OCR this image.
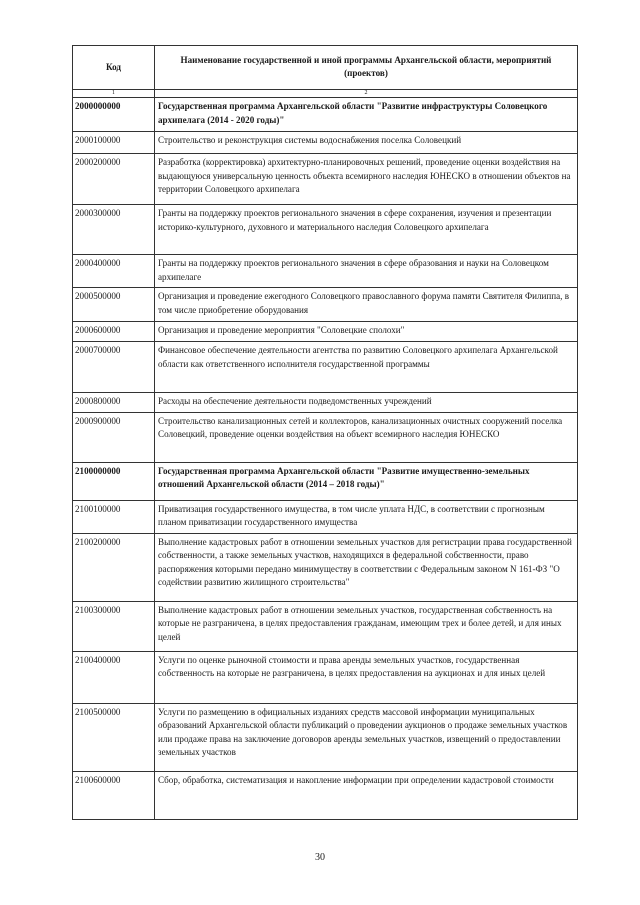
Код	Наименование государственной и иной программы Архангельской области, мероприятий (проектов)
1	2
2000000000	Государственная программа Архангельской области "Развитие инфраструктуры Соловецкого архипелага (2014 - 2020 годы)"
2000100000	Строительство и реконструкция системы водоснабжения поселка Соловецкий
2000200000	Разработка (корректировка) архитектурно-планировочных решений, проведение оценки воздействия на выдающуюся универсальную ценность объекта всемирного наследия ЮНЕСКО в отношении объектов на территории Соловецкого архипелага
2000300000	Гранты на поддержку проектов регионального значения в сфере сохранения, изучения и презентации историко-культурного, духовного и материального наследия Соловецкого архипелага
2000400000	Гранты на поддержку проектов регионального значения в сфере образования и науки на Соловецком архипелаге
2000500000	Организация и проведение ежегодного Соловецкого православного форума памяти Святителя Филиппа, в том числе приобретение оборудования
2000600000	Организация и проведение мероприятия "Соловецкие сполохи"
2000700000	Финансовое обеспечение деятельности агентства по развитию Соловецкого архипелага Архангельской области как ответственного исполнителя государственной программы
2000800000	Расходы на обеспечение деятельности подведомственных учреждений
2000900000	Строительство канализационных сетей и коллекторов, канализационных очистных сооружений поселка Соловецкий, проведение оценки воздействия на объект всемирного наследия ЮНЕСКО
2100000000	Государственная программа Архангельской области "Развитие имущественно-земельных отношений Архангельской области (2014 – 2018 годы)"
2100100000	Приватизация государственного имущества, в том числе уплата НДС, в соответствии с прогнозным планом приватизации государственного имущества
2100200000	Выполнение кадастровых работ в отношении земельных участков для регистрации права государственной собственности, а также земельных участков, находящихся в федеральной собственности, право распоряжения которыми передано минимуществу в соответствии с Федеральным законом N 161-ФЗ "О содействии развитию жилищного строительства"
2100300000	Выполнение кадастровых работ в отношении земельных участков, государственная собственность на которые не разграничена, в целях предоставления гражданам, имеющим трех и более детей, и для иных целей
2100400000	Услуги по оценке рыночной стоимости и права аренды земельных участков, государственная собственность на которые не разграничена, в целях предоставления на аукционах и для иных целей
2100500000	Услуги по размещению в официальных изданиях средств массовой информации муниципальных образований Архангельской области публикаций о проведении аукционов о продаже земельных участков или продаже права на заключение договоров аренды земельных участков, извещений о предоставлении земельных участков
2100600000	Сбор, обработка, систематизация и накопление информации при определении кадастровой стоимости
30
